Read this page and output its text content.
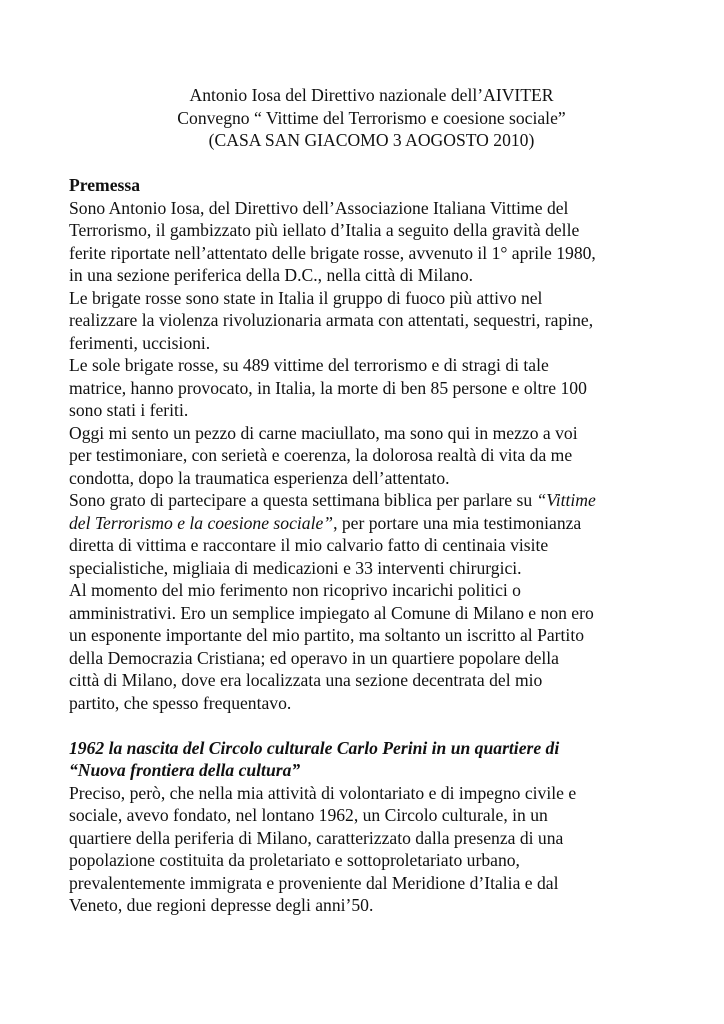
Antonio Iosa del Direttivo nazionale dell’AIVITER
Convegno “ Vittime del Terrorismo e coesione sociale”
(CASA SAN GIACOMO 3 AOGOSTO 2010)
Premessa

Sono Antonio Iosa, del Direttivo dell’Associazione Italiana Vittime del
Terrorismo, il gambizzato più iellato d’Italia a seguito della gravità delle
ferite riportate nell’attentato delle brigate rosse, avvenuto il 1° aprile 1980,
in una sezione periferica della D.C., nella città di Milano.

Le brigate rosse sono state in Italia il gruppo di fuoco più attivo nel
realizzare la violenza rivoluzionaria armata con attentati, sequestri, rapine,
ferimenti, uccisioni.

Le sole brigate rosse, su 489 vittime del terrorismo e di stragi di tale
matrice, hanno provocato, in Italia, la morte di ben 85 persone e oltre 100
sono stati i feriti.

Oggi mi sento un pezzo di carne maciullato, ma sono qui in mezzo a voi
per testimoniare, con serietà e coerenza, la dolorosa realtà di vita da me
condotta, dopo la traumatica esperienza dell’attentato.

Sono grato di partecipare a questa settimana biblica per parlare su “Vittime
del Terrorismo e la coesione sociale”, per portare una mia testimonianza
diretta di vittima e raccontare il mio calvario fatto di centinaia visite
specialistiche, migliaia di medicazioni e 33 interventi chirurgici.

Al momento del mio ferimento non ricoprivo incarichi politici o
amministrativi. Ero un semplice impiegato al Comune di Milano e non ero
un esponente importante del mio partito, ma soltanto un iscritto al Partito
della Democrazia Cristiana; ed operavo in un quartiere popolare della
città di Milano, dove era localizzata una sezione decentrata del mio
partito, che spesso frequentavo.

1962 la nascita del Circolo culturale Carlo Perini in un quartiere di
“Nuova frontiera della cultura”

Preciso, però, che nella mia attività di volontariato e di impegno civile e
sociale, avevo fondato, nel lontano 1962, un Circolo culturale, in un
quartiere della periferia di Milano, caratterizzato dalla presenza di una
popolazione costituita da proletariato e sottoproletariato urbano,
prevalentemente immigrata e proveniente dal Meridione d’Italia e dal
Veneto, due regioni depresse degli anni’50.
